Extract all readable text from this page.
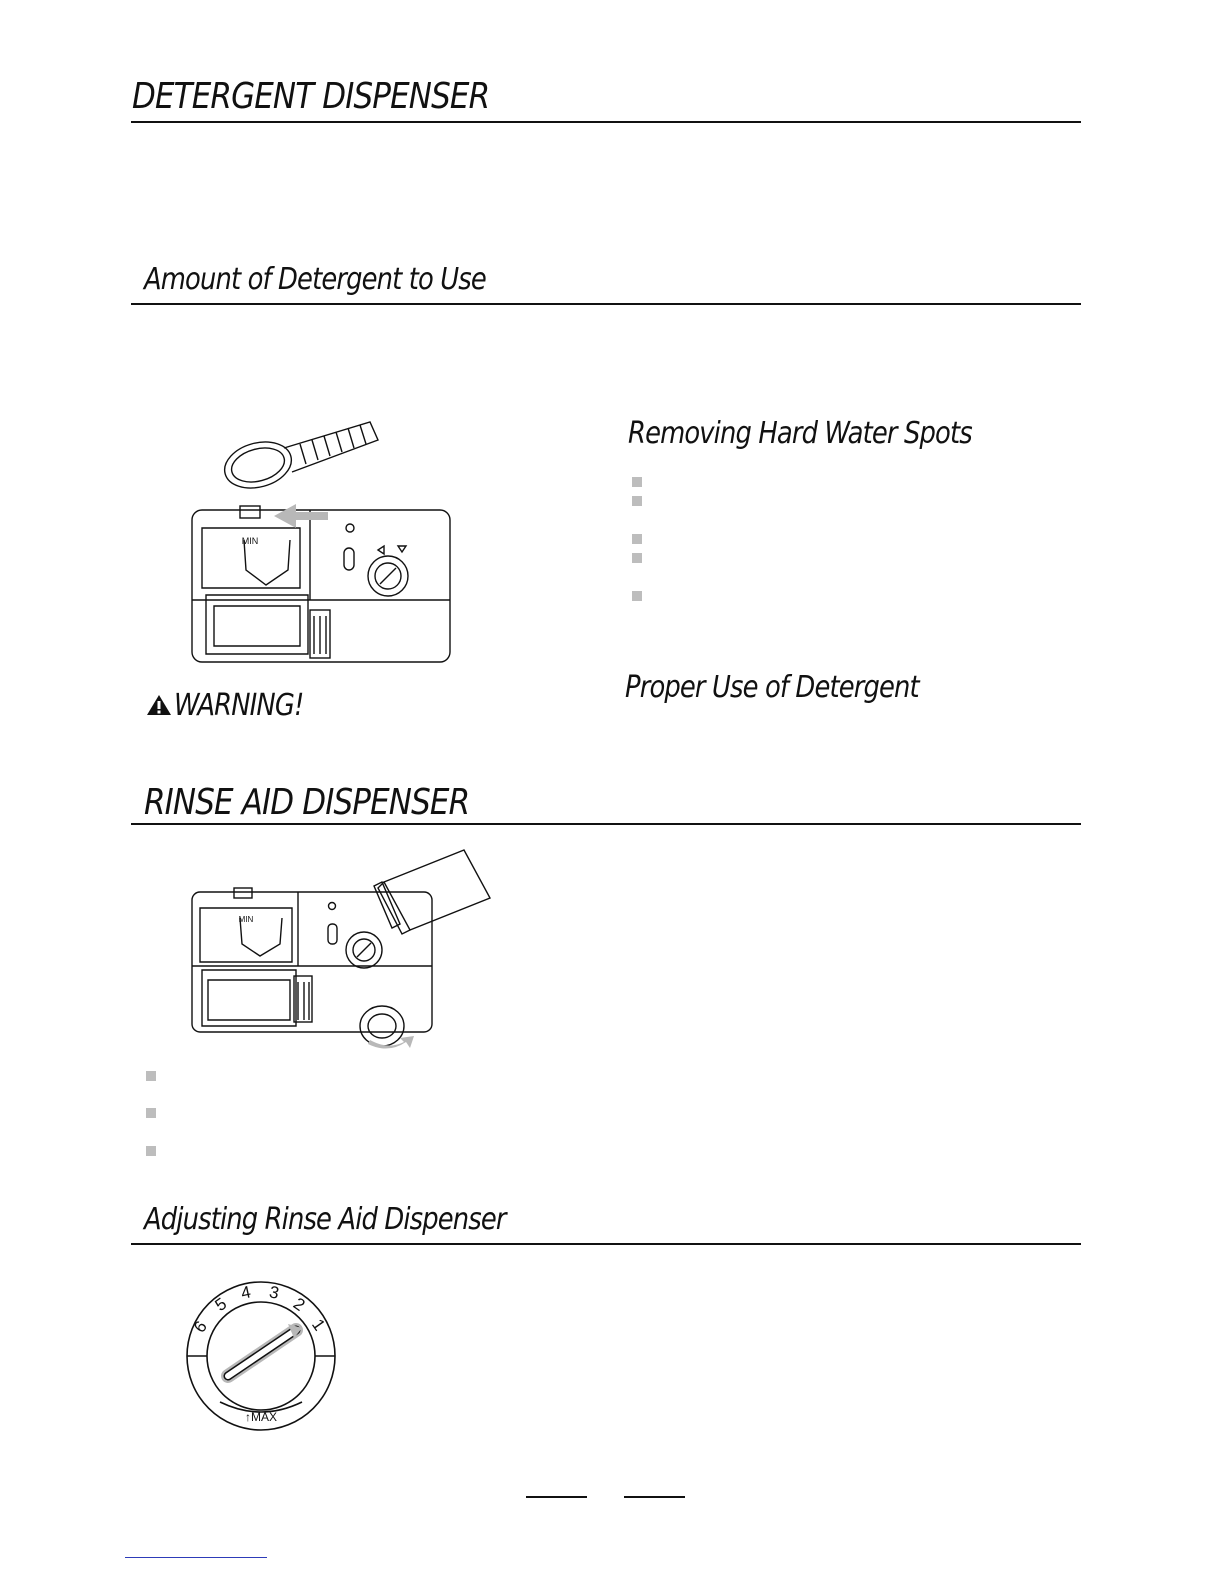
DETERGENT DISPENSER
Amount of Detergent to Use
MIN
WARNING!
Removing Hard Water Spots
Proper Use of Detergent
RINSE AID DISPENSER
MIN
Adjusting Rinse Aid Dispenser
6
5
4 3
2
1
↑MAX
